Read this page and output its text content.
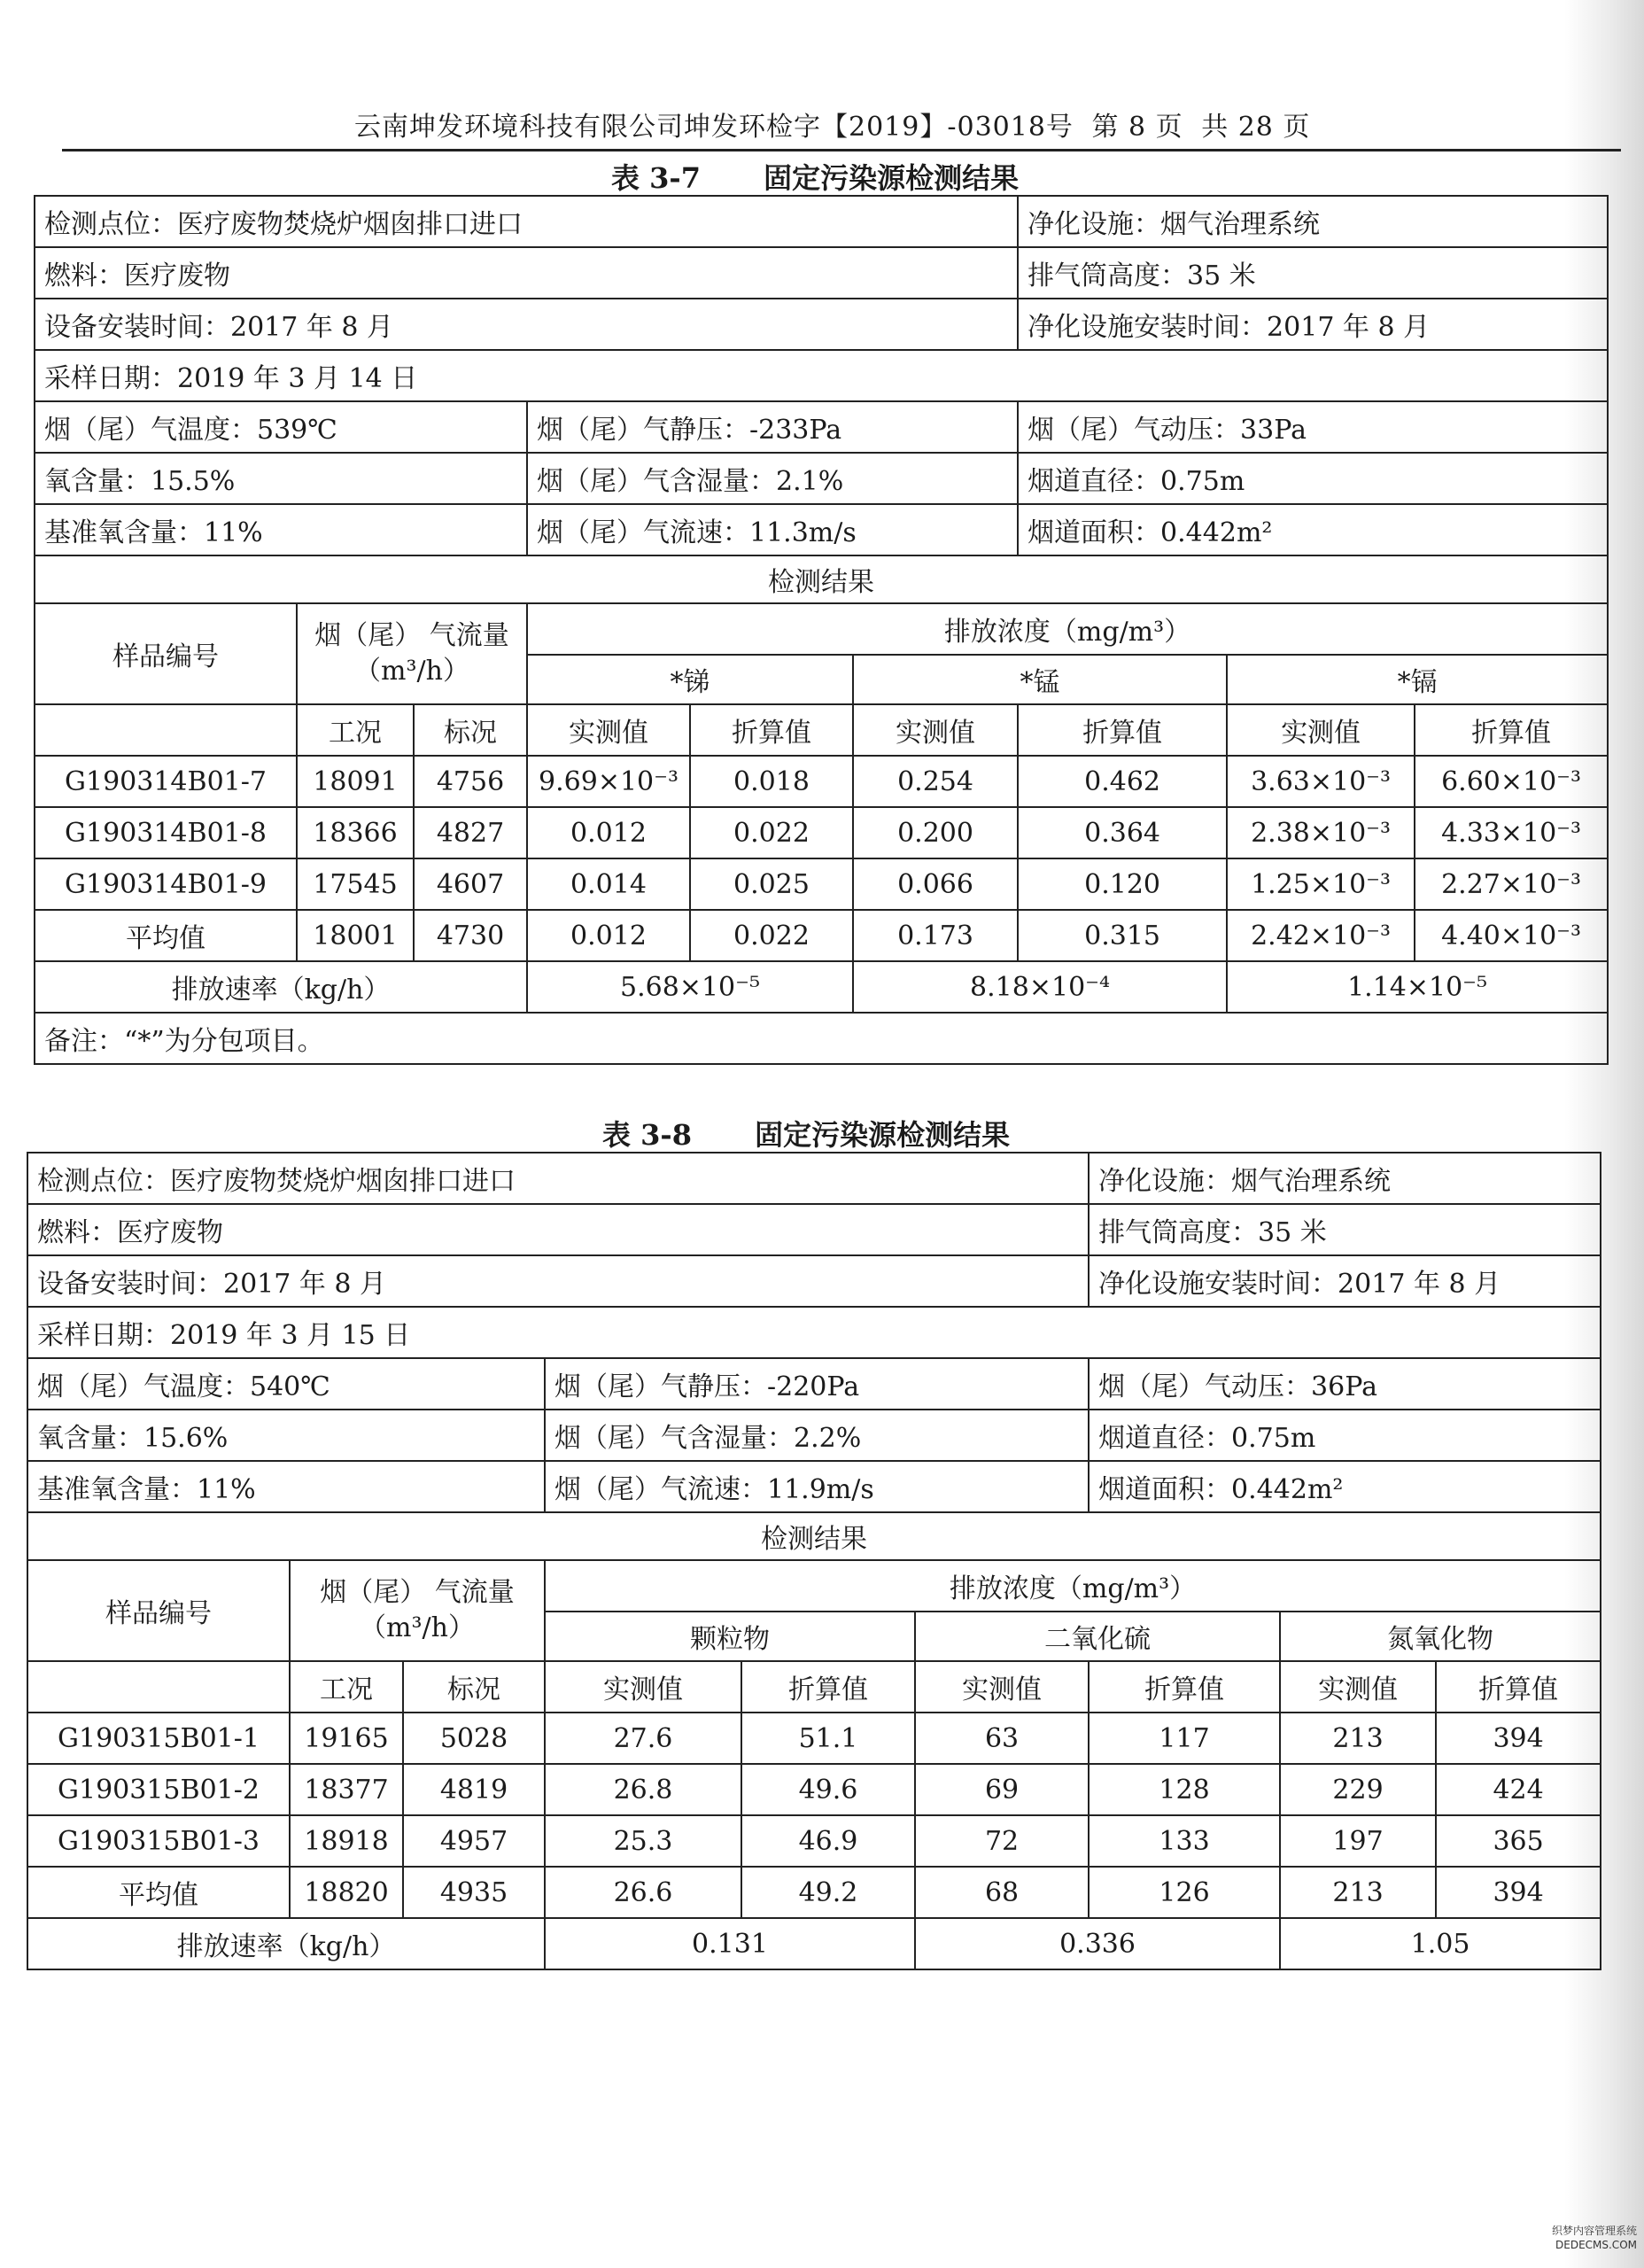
云南坤发环境科技有限公司坤发环检字【2019】-03018号 第 8 页 共 28 页
表 3-7 固定污染源检测结果
检测点位：医疗废物焚烧炉烟囱排口进口						净化设施：烟气治理系统		
燃料：医疗废物						排气筒高度：35 米		
设备安装时间：2017 年 8 月						净化设施安装时间：2017 年 8 月		
采样日期：2019 年 3 月 14 日								
烟（尾）气温度：539℃			烟（尾）气静压：-233Pa			烟（尾）气动压：33Pa		
氧含量：15.5%			烟（尾）气含湿量：2.1%			烟道直径：0.75m		
基准氧含量：11%			烟（尾）气流速：11.3m/s			烟道面积：0.442m²		
检测结果								
样品编号	烟（尾） 气流量（m³/h）		排放浓度（mg/m³）					
			*锑		*锰		*镉	
	工况	标况	实测值	折算值	实测值	折算值	实测值	折算值
G190314B01-7	18091	4756	9.69×10⁻³	0.018	0.254	0.462	3.63×10⁻³	6.60×10⁻³
G190314B01-8	18366	4827	0.012	0.022	0.200	0.364	2.38×10⁻³	4.33×10⁻³
G190314B01-9	17545	4607	0.014	0.025	0.066	0.120	1.25×10⁻³	2.27×10⁻³
平均值	18001	4730	0.012	0.022	0.173	0.315	2.42×10⁻³	4.40×10⁻³
排放速率（kg/h）			5.68×10⁻⁵		8.18×10⁻⁴		1.14×10⁻⁵	
备注：“*”为分包项目。								
表 3-8 固定污染源检测结果
检测点位：医疗废物焚烧炉烟囱排口进口						净化设施：烟气治理系统		
燃料：医疗废物						排气筒高度：35 米		
设备安装时间：2017 年 8 月						净化设施安装时间：2017 年 8 月		
采样日期：2019 年 3 月 15 日								
烟（尾）气温度：540℃			烟（尾）气静压：-220Pa			烟（尾）气动压：36Pa		
氧含量：15.6%			烟（尾）气含湿量：2.2%			烟道直径：0.75m		
基准氧含量：11%			烟（尾）气流速：11.9m/s			烟道面积：0.442m²		
检测结果								
样品编号	烟（尾） 气流量（m³/h）		排放浓度（mg/m³）					
			颗粒物		二氧化硫		氮氧化物	
	工况	标况	实测值	折算值	实测值	折算值	实测值	折算值
G190315B01-1	19165	5028	27.6	51.1	63	117	213	394
G190315B01-2	18377	4819	26.8	49.6	69	128	229	424
G190315B01-3	18918	4957	25.3	46.9	72	133	197	365
平均值	18820	4935	26.6	49.2	68	126	213	394
排放速率（kg/h）			0.131		0.336		1.05	
织梦内容管理系统
DEDECMS.COM
